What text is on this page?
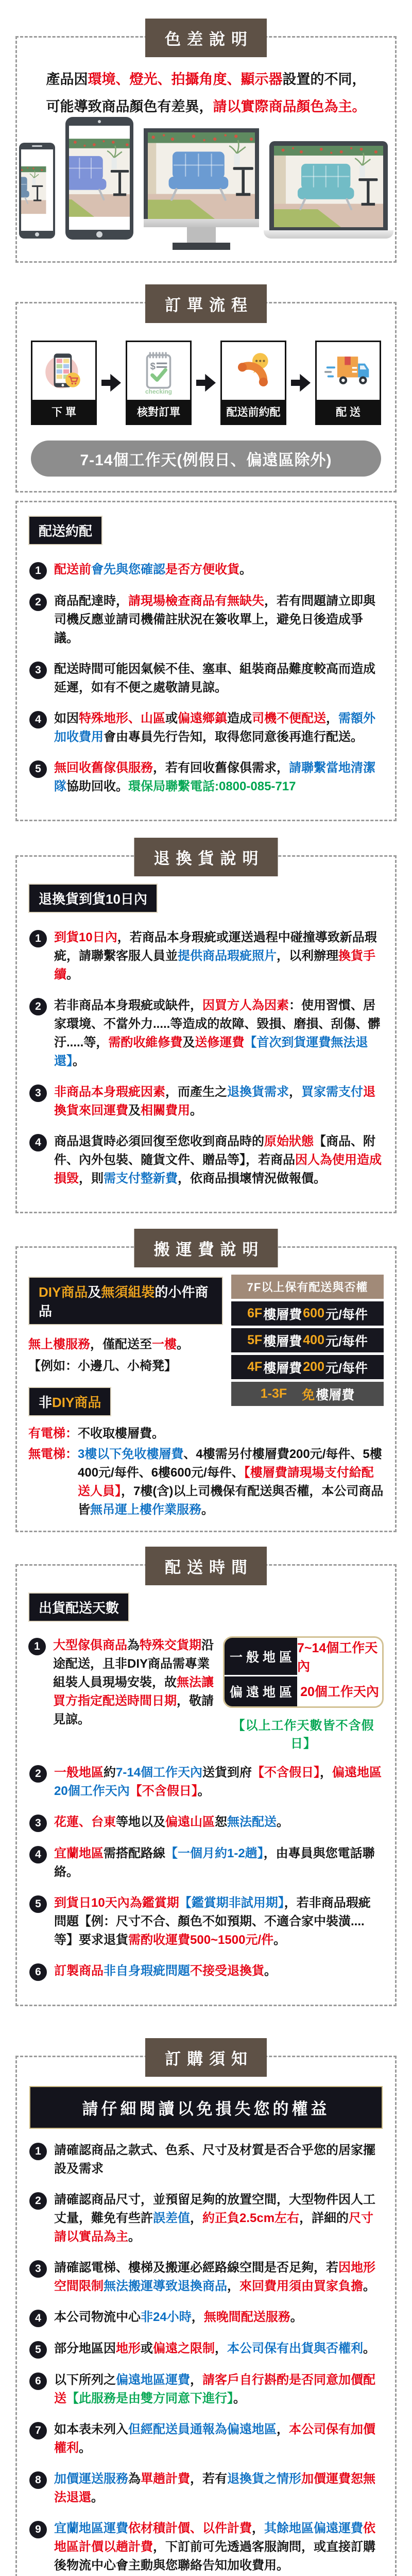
色差說明

產品因環境、燈光、拍攝角度、顯示器設置的不同，

可能導致商品顏色有差異，請以實際商品顏色為主。

訂單流程
下 單
$
checking
核對訂單	配送前約配	配 送
7-14個工作天(例假日、偏遠區除外)
配送約配
1	配送前會先與您確認是否方便收貨。
2	商品配達時，請現場檢查商品有無缺失，若有問題請立即與司機反應並請司機備註狀況在簽收單上，避免日後造成爭議。
3	配送時間可能因氣候不佳、塞車、組裝商品難度較高而造成延遲，如有不便之處敬請見諒。
4	如因特殊地形、山區或偏遠鄉鎮造成司機不便配送，需額外加收費用會由專員先行告知，取得您同意後再進行配送。
5	無回收舊傢俱服務，若有回收舊傢俱需求，請聯繫當地清潔隊協助回收。環保局聯繫電話:0800-085-717
退換貨說明
退換貨到貨10日內
1	到貨10日內，若商品本身瑕疵或運送過程中碰撞導致新品瑕疵，請聯繫客服人員並提供商品瑕疵照片，以利辦理換貨手續。
2	若非商品本身瑕疵或缺件，因買方人為因素：使用習慣、居家環境、不當外力.....等造成的故障、毀損、磨損、刮傷、髒汙.....等，需酌收維修費及送修運費【首次到貨運費無法退還】。
3	非商品本身瑕疵因素，而產生之退換貨需求，買家需支付退換貨來回運費及相關費用。
4	商品退貨時必須回復至您收到商品時的原始狀態【商品、附件、內外包裝、隨貨文件、贈品等】，若商品因人為使用造成損毀，則需支付整新費，依商品損壞情況做報價。
搬運費說明
DIY商品及無須組裝的小件商品

無上樓服務，僅配送至一樓。

【例如：小邊几、小椅凳】

非DIY商品
7F以上保有配送與否權
6F 樓層費 600 元/每件
5F 樓層費 400 元/每件
4F 樓層費 200 元/每件
1-3F
　 免 樓層費
有電梯： 不收取樓層費。
無電梯： 3樓以下免收樓層費、4樓需另付樓層費200元/每件、5樓400元/每件、6樓600元/每件、【樓層費請現場支付給配送人員】，7樓(含)以上司機保有配送與否權，本公司商品皆無吊運上樓作業服務。
配送時間
出貨配送天數
1	大型傢俱商品為特殊交貨期沿途配送，且非DIY商品需專業組裝人員現場安裝，故無法讓買方指定配送時間日期，敬請見諒。
一般地區
7~14個工作天內
偏遠地區 20個工作天內
【以上工作天數皆不含假日】
2	一般地區約7-14個工作天內送貨到府【不含假日】，偏遠地區20個工作天內【不含假日】。
3	花蓮、台東等地以及偏遠山區恕無法配送。
4	宜蘭地區需搭配路線【一個月約1-2趟】，由專員與您電話聯絡。
5	到貨日10天內為鑑賞期【鑑賞期非試用期】，若非商品瑕疵問題【例：尺寸不合、顏色不如預期、不適合家中裝潢....等】要求退貨需酌收運費500~1500元/件。
6	訂製商品非自身瑕疵問題不接受退換貨。
訂購須知
請仔細閱讀以免損失您的權益
1	請確認商品之款式、色系、尺寸及材質是否合乎您的居家擺設及需求
2	請確認商品尺寸，並預留足夠的放置空間，大型物件因人工丈量，難免有些許誤差值，約正負2.5cm左右，詳細的尺寸請以實品為主。
3	請確認電梯、樓梯及搬運必經路線空間是否足夠，若因地形空間限制無法搬運導致退換商品，來回費用須由買家負擔。
4	本公司物流中心非24小時，無晚間配送服務。
5	部分地區因地形或偏遠之限制，本公司保有出貨與否權利。
6	以下所列之偏遠地區運費，請客戶自行斟酌是否同意加價配送【此服務是由雙方同意下進行】。
7	如本表未列入但經配送員通報為偏遠地區，本公司保有加價權利。
8	加價運送服務為單趟計費，若有退換貨之情形加價運費恕無法退還。
9	宜蘭地區運費依材積計價、以件計費，其餘地區偏遠運費依地區計價以趟計費，下訂前可先透過客服詢問，或直接訂購後物流中心會主動與您聯絡告知加收費用。
